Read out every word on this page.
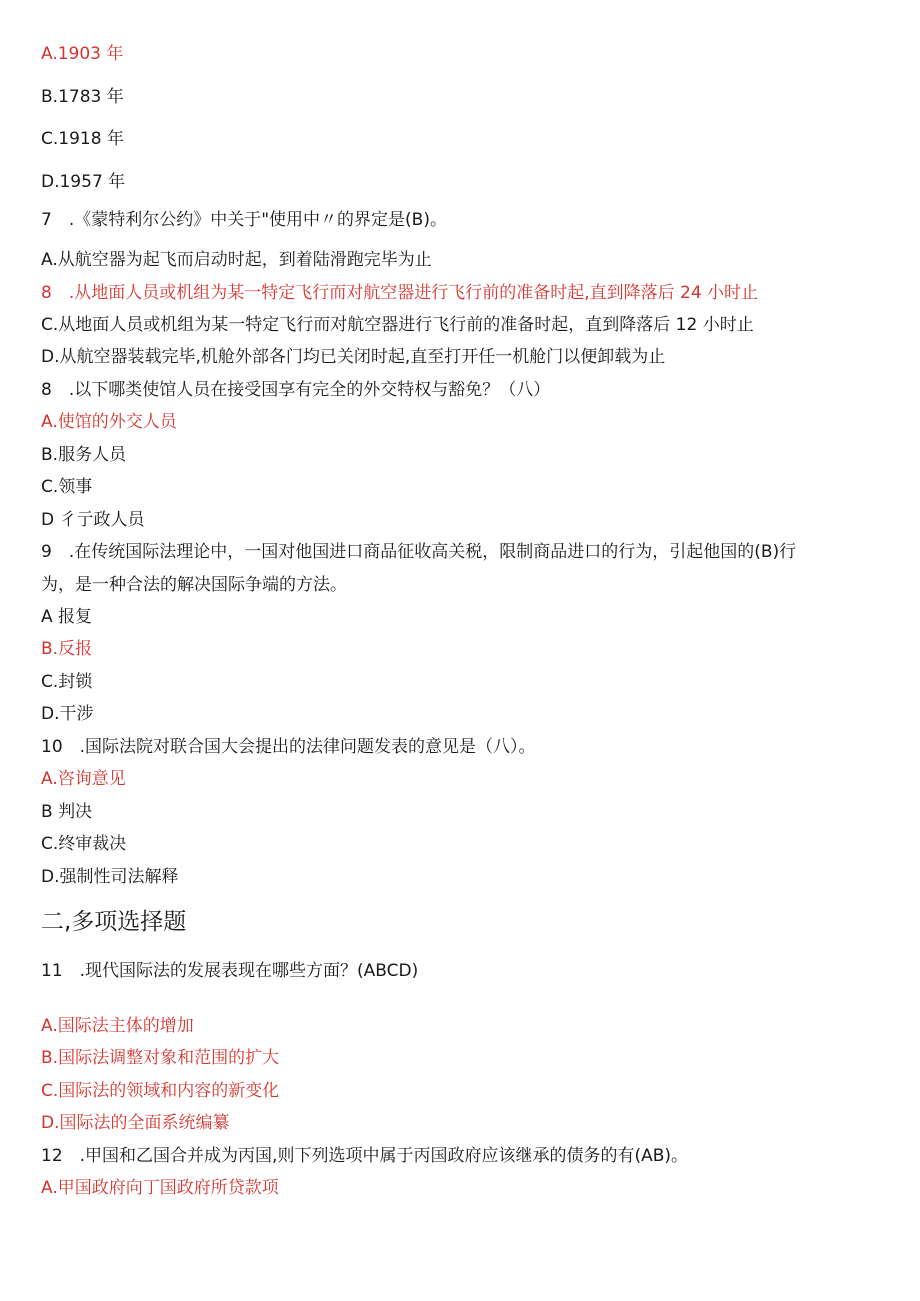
A.1903 年
B.1783 年
C.1918 年
D.1957 年
7　.《蒙特利尔公约》中关于"使用中〃的界定是(B)。
A.从航空器为起飞而启动时起，到着陆滑跑完毕为止
8　.从地面人员或机组为某一特定飞行而对航空器进行飞行前的准备时起,直到降落后 24 小时止
C.从地面人员或机组为某一特定飞行而对航空器进行飞行前的准备时起，直到降落后 12 小时止
D.从航空器装载完毕,机舱外部各门均已关闭时起,直至打开任一机舱门以便卸载为止
8　.以下哪类使馆人员在接受国享有完全的外交特权与豁免？（八）
A.使馆的外交人员
B.服务人员
C.领事
D 彳亍政人员
9　.在传统国际法理论中，一国对他国进口商品征收高关税，限制商品进口的行为，引起他国的(B)行
为，是一种合法的解决国际争端的方法。
A 报复
B.反报
C.封锁
D.干涉
10　.国际法院对联合国大会提出的法律问题发表的意见是（八）。
A.咨询意见
B 判决
C.终审裁决
D.强制性司法解释
二,多项选择题
11　.现代国际法的发展表现在哪些方面？(ABCD)
A.国际法主体的增加
B.国际法调整对象和范围的扩大
C.国际法的领域和内容的新变化
D.国际法的全面系统编纂
12　.甲国和乙国合并成为丙国,则下列选项中属于丙国政府应该继承的债务的有(AB)。
A.甲国政府向丁国政府所贷款项
